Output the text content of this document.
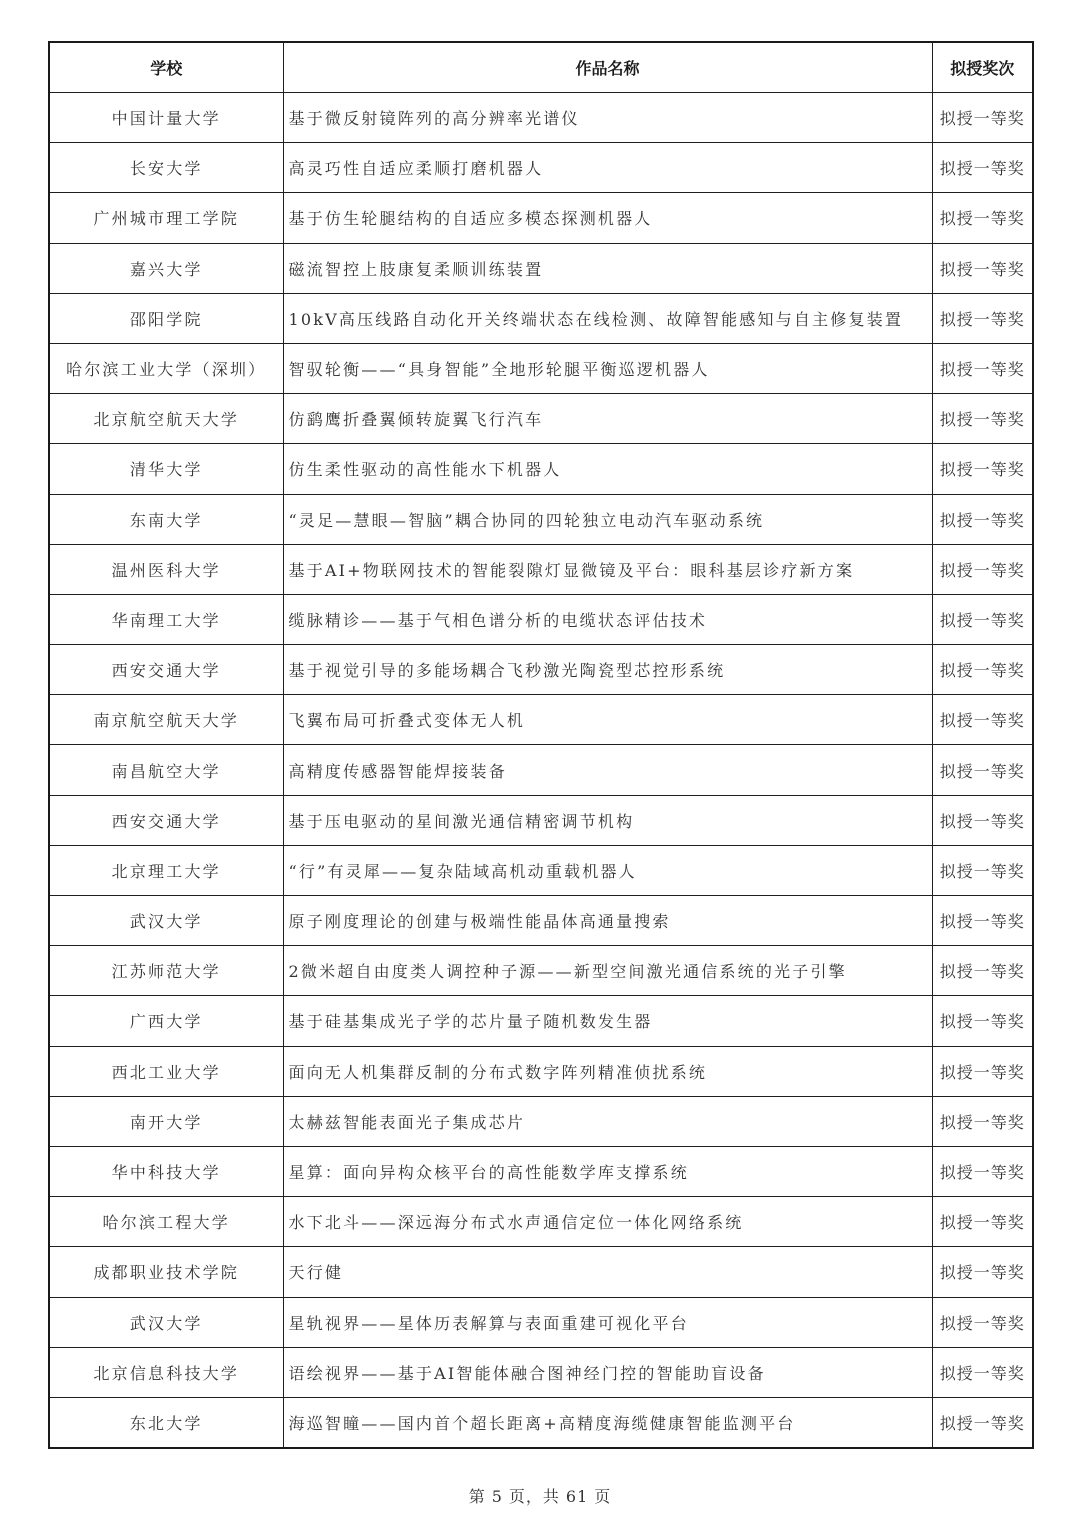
学校	作品名称	拟授奖次
中国计量大学	基于微反射镜阵列的高分辨率光谱仪	拟授一等奖
长安大学	高灵巧性自适应柔顺打磨机器人	拟授一等奖
广州城市理工学院	基于仿生轮腿结构的自适应多模态探测机器人	拟授一等奖
嘉兴大学	磁流智控上肢康复柔顺训练装置	拟授一等奖
邵阳学院	10kV高压线路自动化开关终端状态在线检测、故障智能感知与自主修复装置	拟授一等奖
哈尔滨工业大学（深圳）	智驭轮衡——“具身智能”全地形轮腿平衡巡逻机器人	拟授一等奖
北京航空航天大学	仿鹞鹰折叠翼倾转旋翼飞行汽车	拟授一等奖
清华大学	仿生柔性驱动的高性能水下机器人	拟授一等奖
东南大学	“灵足—慧眼—智脑”耦合协同的四轮独立电动汽车驱动系统	拟授一等奖
温州医科大学	基于AI+物联网技术的智能裂隙灯显微镜及平台：眼科基层诊疗新方案	拟授一等奖
华南理工大学	缆脉精诊——基于气相色谱分析的电缆状态评估技术	拟授一等奖
西安交通大学	基于视觉引导的多能场耦合飞秒激光陶瓷型芯控形系统	拟授一等奖
南京航空航天大学	飞翼布局可折叠式变体无人机	拟授一等奖
南昌航空大学	高精度传感器智能焊接装备	拟授一等奖
西安交通大学	基于压电驱动的星间激光通信精密调节机构	拟授一等奖
北京理工大学	“行”有灵犀——复杂陆域高机动重载机器人	拟授一等奖
武汉大学	原子刚度理论的创建与极端性能晶体高通量搜索	拟授一等奖
江苏师范大学	2微米超自由度类人调控种子源——新型空间激光通信系统的光子引擎	拟授一等奖
广西大学	基于硅基集成光子学的芯片量子随机数发生器	拟授一等奖
西北工业大学	面向无人机集群反制的分布式数字阵列精准侦扰系统	拟授一等奖
南开大学	太赫兹智能表面光子集成芯片	拟授一等奖
华中科技大学	星算：面向异构众核平台的高性能数学库支撑系统	拟授一等奖
哈尔滨工程大学	水下北斗——深远海分布式水声通信定位一体化网络系统	拟授一等奖
成都职业技术学院	天行健	拟授一等奖
武汉大学	星轨视界——星体历表解算与表面重建可视化平台	拟授一等奖
北京信息科技大学	语绘视界——基于AI智能体融合图神经门控的智能助盲设备	拟授一等奖
东北大学	海巡智瞳——国内首个超长距离+高精度海缆健康智能监测平台	拟授一等奖
第 5 页，共 61 页
